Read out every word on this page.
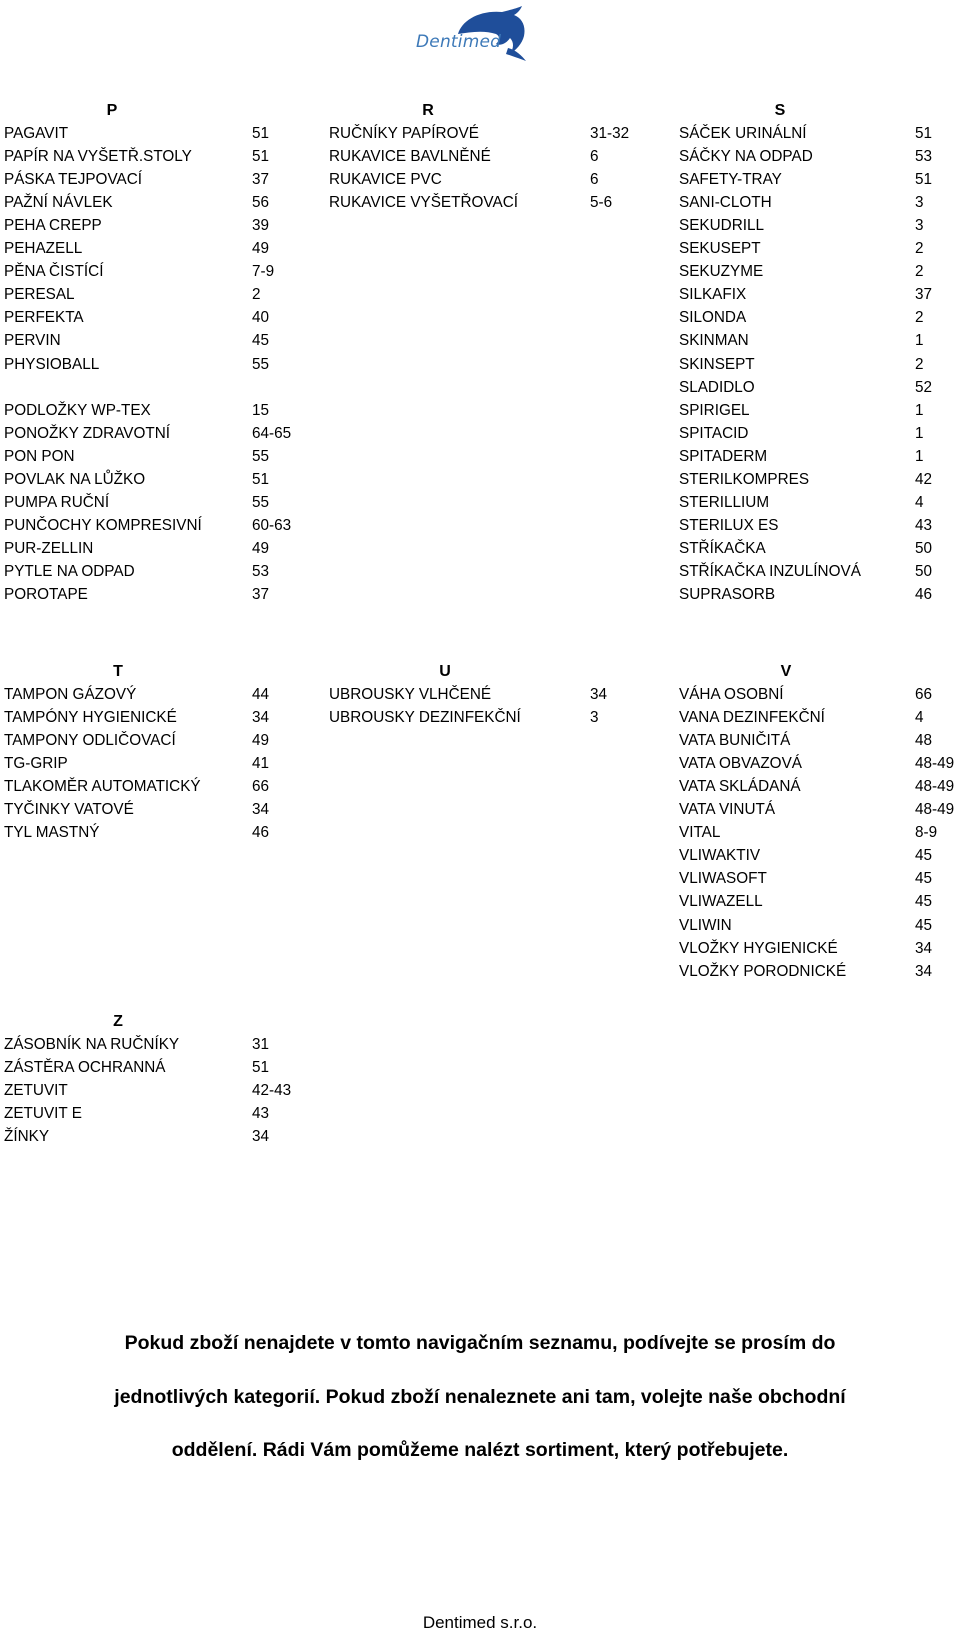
Dentimed
P	R	S
PAGAVIT	51
PAPÍR NA VYŠETŘ.STOLY	51
PÁSKA TEJPOVACÍ	37
PAŽNÍ NÁVLEK	56
PEHA CREPP	39
PEHAZELL	49
PĚNA ČISTÍCÍ	7-9
PERESAL	2
PERFEKTA	40
PERVIN	45
PHYSIOBALL	55
PODLOŽKY WP-TEX	15
PONOŽKY ZDRAVOTNÍ	64-65
PON PON	55
POVLAK NA LŮŽKO	51
PUMPA RUČNÍ	55
PUNČOCHY KOMPRESIVNÍ	60-63
PUR-ZELLIN	49
PYTLE NA ODPAD	53
POROTAPE	37
RUČNÍKY PAPÍROVÉ	31-32
RUKAVICE BAVLNĚNÉ	6
RUKAVICE PVC	6
RUKAVICE VYŠETŘOVACÍ	5-6
SÁČEK URINÁLNÍ	51
SÁČKY NA ODPAD	53
SAFETY-TRAY	51
SANI-CLOTH	3
SEKUDRILL	3
SEKUSEPT	2
SEKUZYME	2
SILKAFIX	37
SILONDA	2
SKINMAN	1
SKINSEPT	2
SLADIDLO	52
SPIRIGEL	1
SPITACID	1
SPITADERM	1
STERILKOMPRES	42
STERILLIUM	4
STERILUX ES	43
STŘÍKAČKA	50
STŘÍKAČKA INZULÍNOVÁ	50
SUPRASORB	46
T	U	V
TAMPON GÁZOVÝ	44
TAMPÓNY HYGIENICKÉ	34
TAMPONY ODLIČOVACÍ	49
TG-GRIP	41
TLAKOMĚR AUTOMATICKÝ	66
TYČINKY VATOVÉ	34
TYL MASTNÝ	46
UBROUSKY VLHČENÉ	34
UBROUSKY DEZINFEKČNÍ	3
VÁHA OSOBNÍ	66
VANA DEZINFEKČNÍ	4
VATA BUNIČITÁ	48
VATA OBVAZOVÁ	48-49
VATA SKLÁDANÁ	48-49
VATA VINUTÁ	48-49
VITAL	8-9
VLIWAKTIV	45
VLIWASOFT	45
VLIWAZELL	45
VLIWIN	45
VLOŽKY HYGIENICKÉ	34
VLOŽKY PORODNICKÉ	34
Z
ZÁSOBNÍK NA RUČNÍKY	31
ZÁSTĚRA OCHRANNÁ	51
ZETUVIT	42-43
ZETUVIT E	43
ŽÍNKY	34
Pokud zboží nenajdete v tomto navigačním seznamu, podívejte se prosím do
jednotlivých kategorií. Pokud zboží nenaleznete ani tam, volejte naše obchodní
oddělení. Rádi Vám pomůžeme nalézt sortiment, který potřebujete.
Dentimed s.r.o.
